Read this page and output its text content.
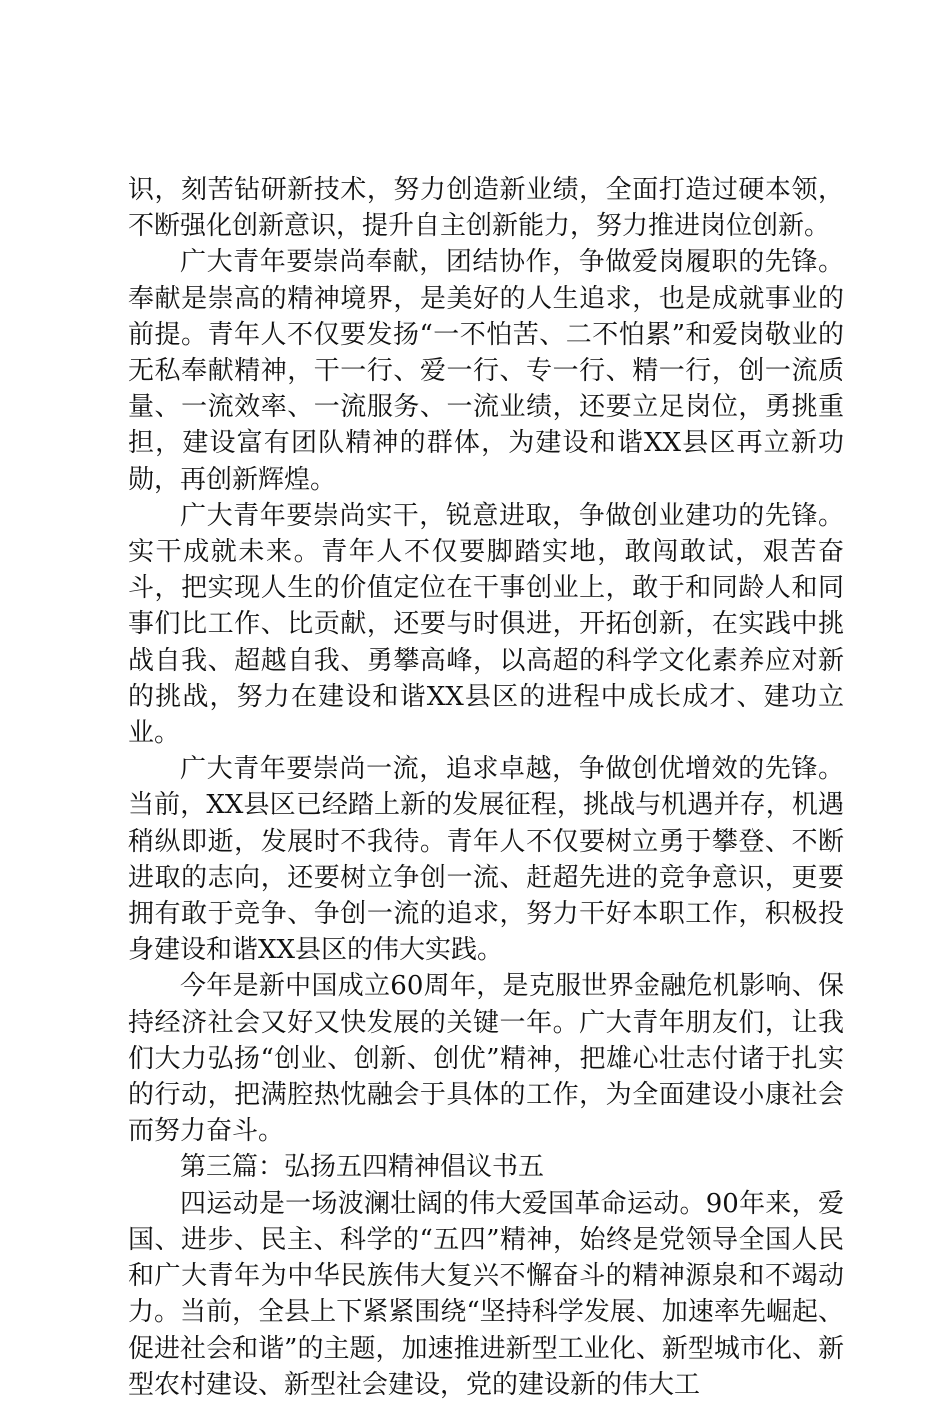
识，刻苦钻研新技术，努力创造新业绩，全面打造过硬本领，不断强化创新意识，提升自主创新能力，努力推进岗位创新。

广大青年要崇尚奉献，团结协作，争做爱岗履职的先锋。奉献是崇高的精神境界，是美好的人生追求，也是成就事业的前提。青年人不仅要发扬“一不怕苦、二不怕累”和爱岗敬业的无私奉献精神，干一行、爱一行、专一行、精一行，创一流质量、一流效率、一流服务、一流业绩，还要立足岗位，勇挑重担，建设富有团队精神的群体，为建设和谐XX县区再立新功勋，再创新辉煌。

广大青年要崇尚实干，锐意进取，争做创业建功的先锋。实干成就未来。青年人不仅要脚踏实地，敢闯敢试，艰苦奋斗，把实现人生的价值定位在干事创业上，敢于和同龄人和同事们比工作、比贡献，还要与时俱进，开拓创新，在实践中挑战自我、超越自我、勇攀高峰，以高超的科学文化素养应对新的挑战，努力在建设和谐XX县区的进程中成长成才、建功立业。

广大青年要崇尚一流，追求卓越，争做创优增效的先锋。当前，XX县区已经踏上新的发展征程，挑战与机遇并存，机遇稍纵即逝，发展时不我待。青年人不仅要树立勇于攀登、不断进取的志向，还要树立争创一流、赶超先进的竞争意识，更要拥有敢于竞争、争创一流的追求，努力干好本职工作，积极投身建设和谐XX县区的伟大实践。

今年是新中国成立60周年，是克服世界金融危机影响、保持经济社会又好又快发展的关键一年。广大青年朋友们，让我们大力弘扬“创业、创新、创优”精神，把雄心壮志付诸于扎实的行动，把满腔热忱融会于具体的工作，为全面建设小康社会而努力奋斗。

第三篇：弘扬五四精神倡议书五

四运动是一场波澜壮阔的伟大爱国革命运动。90年来，爱国、进步、民主、科学的“五四”精神，始终是党领导全国人民和广大青年为中华民族伟大复兴不懈奋斗的精神源泉和不竭动力。当前，全县上下紧紧围绕“坚持科学发展、加速率先崛起、促进社会和谐”的主题，加速推进新型工业化、新型城市化、新型农村建设、新型社会建设，党的建设新的伟大工
